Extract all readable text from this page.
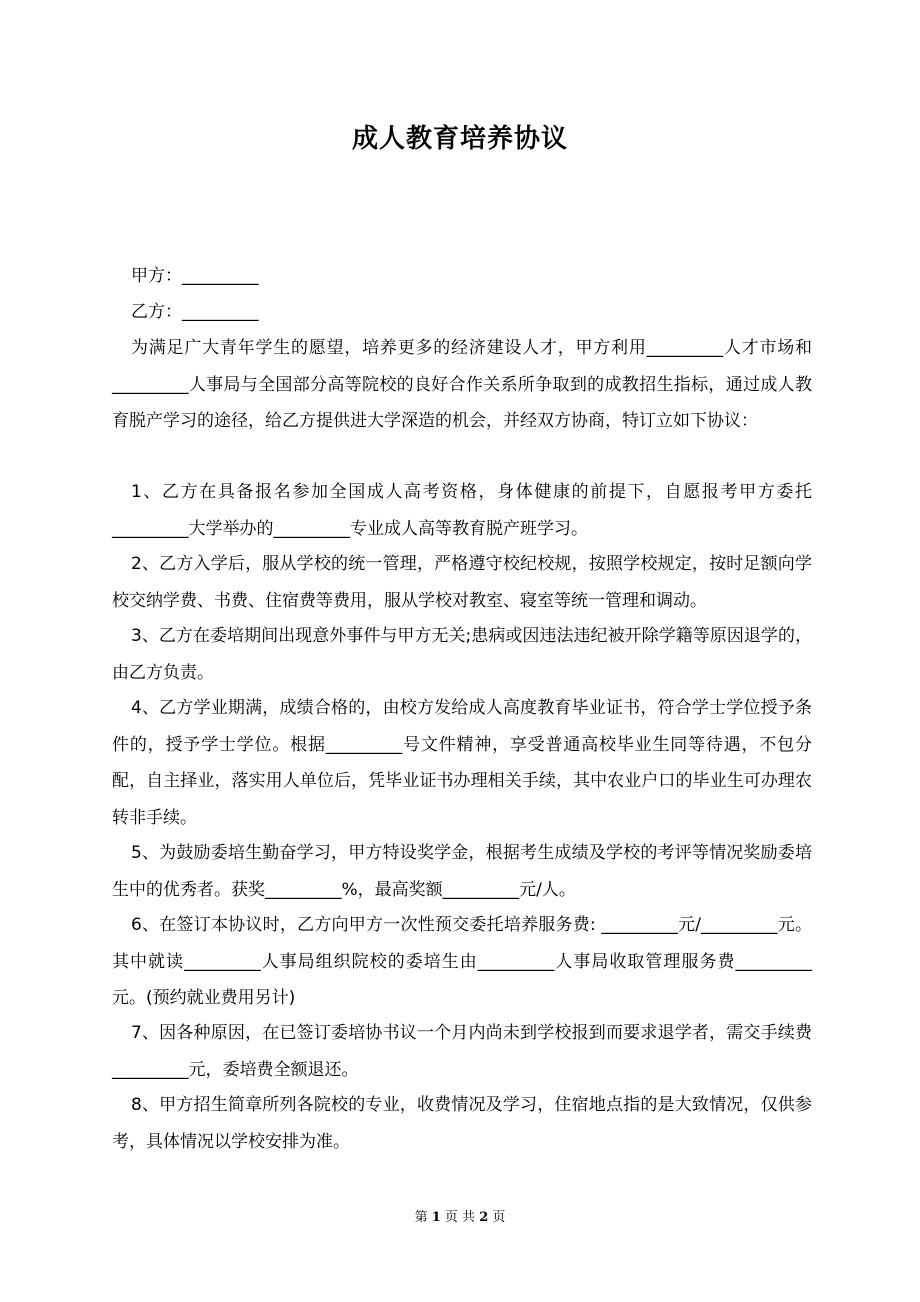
成人教育培养协议
甲方：_________
乙方：_________

为满足广大青年学生的愿望，培养更多的经济建设人才，甲方利用_________人才市场和_________人事局与全国部分高等院校的良好合作关系所争取到的成教招生指标，通过成人教育脱产学习的途径，给乙方提供进大学深造的机会，并经双方协商，特订立如下协议：

1、乙方在具备报名参加全国成人高考资格，身体健康的前提下，自愿报考甲方委托_________大学举办的_________专业成人高等教育脱产班学习。

2、乙方入学后，服从学校的统一管理，严格遵守校纪校规，按照学校规定，按时足额向学校交纳学费、书费、住宿费等费用，服从学校对教室、寝室等统一管理和调动。

3、乙方在委培期间出现意外事件与甲方无关;患病或因违法违纪被开除学籍等原因退学的，由乙方负责。

4、乙方学业期满，成绩合格的，由校方发给成人高度教育毕业证书，符合学士学位授予条件的，授予学士学位。根据_________号文件精神，享受普通高校毕业生同等待遇，不包分配，自主择业，落实用人单位后，凭毕业证书办理相关手续，其中农业户口的毕业生可办理农转非手续。

5、为鼓励委培生勤奋学习，甲方特设奖学金，根据考生成绩及学校的考评等情况奖励委培生中的优秀者。获奖_________%，最高奖额_________元/人。

6、在签订本协议时，乙方向甲方一次性预交委托培养服务费: _________元/_________元。其中就读_________人事局组织院校的委培生由_________人事局收取管理服务费_________元。(预约就业费用另计)

7、因各种原因，在已签订委培协书议一个月内尚未到学校报到而要求退学者，需交手续费_________元，委培费全额退还。

8、甲方招生简章所列各院校的专业，收费情况及学习，住宿地点指的是大致情况，仅供参考，具体情况以学校安排为准。

第 1 页 共 2 页
